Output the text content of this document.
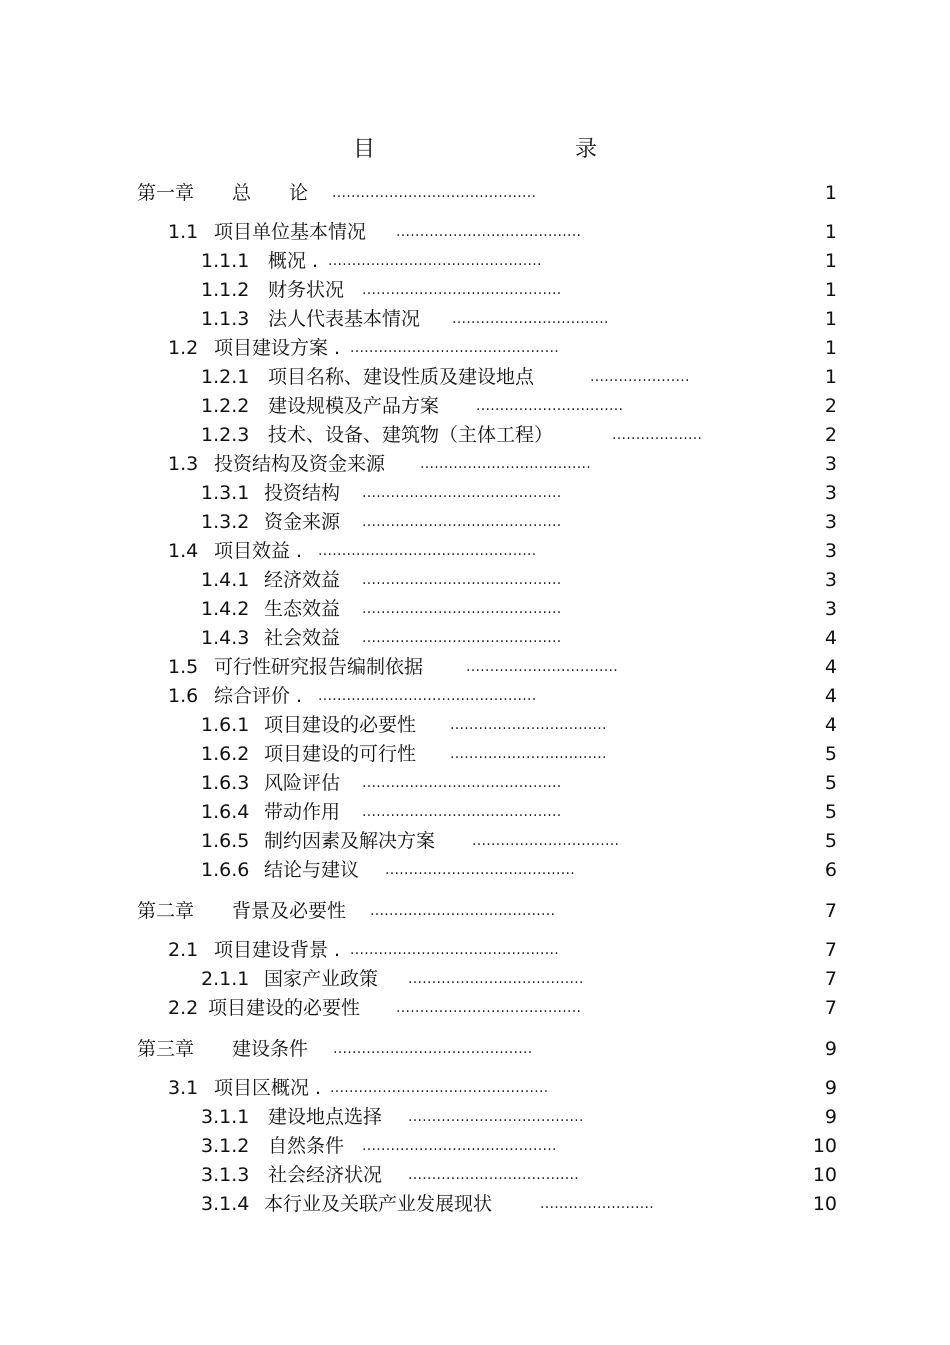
目　　录
第一章 总　　论 ...........................................	1
1.1 项目单位基本情况 .......................................	1
1.1.1 概况 . .............................................	1
1.1.2 财务状况 ..........................................	1
1.1.3 法人代表基本情况 .................................	1
1.2 项目建设方案 . ............................................	1
1.2.1 项目名称、建设性质及建设地点	.....................	1
1.2.2 建设规模及产品方案	...............................	2
1.2.3 技术、设备、建筑物（主体工程）	...................	2
1.3 投资结构及资金来源 ....................................	3
1.3.1 投资结构 ..........................................	3
1.3.2 资金来源 ..........................................	3
1.4 项目效益 . ..............................................	3
1.4.1 经济效益 ..........................................	3
1.4.2 生态效益 ..........................................	3
1.4.3 社会效益 ..........................................	4
1.5 可行性研究报告编制依据	................................	4
1.6 综合评价 . ..............................................	4
1.6.1 项目建设的必要性 .................................	4
1.6.2 项目建设的可行性 .................................	5
1.6.3 风险评估 ..........................................	5
1.6.4 带动作用 ..........................................	5
1.6.5 制约因素及解决方案	...............................	5
1.6.6 结论与建议 ........................................	6
第二章 背景及必要性 .......................................	7
2.1 项目建设背景 . ............................................	7
2.1.1 国家产业政策 .....................................	7
2.2 项目建设的必要性	.......................................	7
第三章 建设条件 ..........................................	9
3.1 项目区概况 . ..............................................	9
3.1.1 建设地点选择 .....................................	9
3.1.2 自然条件 .........................................	10
3.1.3 社会经济状况 ....................................	10
3.1.4 本行业及关联产业发展现状	........................	10
